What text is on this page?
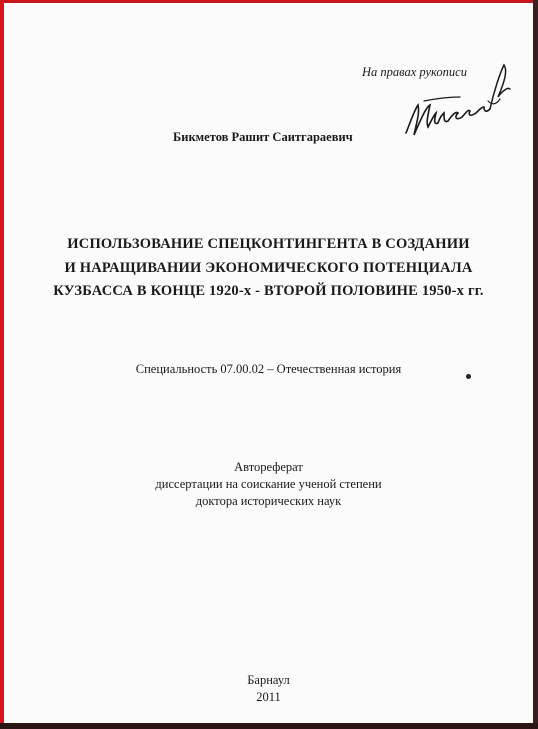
На правах рукописи
Бикметов Рашит Саитгараевич
ИСПОЛЬЗОВАНИЕ СПЕЦКОНТИНГЕНТА В СОЗДАНИИ
И НАРАЩИВАНИИ ЭКОНОМИЧЕСКОГО ПОТЕНЦИАЛА
КУЗБАССА В КОНЦЕ 1920-х - ВТОРОЙ ПОЛОВИНЕ 1950-х гг.
Специальность 07.00.02 – Отечественная история
Автореферат
диссертации на соискание ученой степени
доктора исторических наук
Барнаул
2011
